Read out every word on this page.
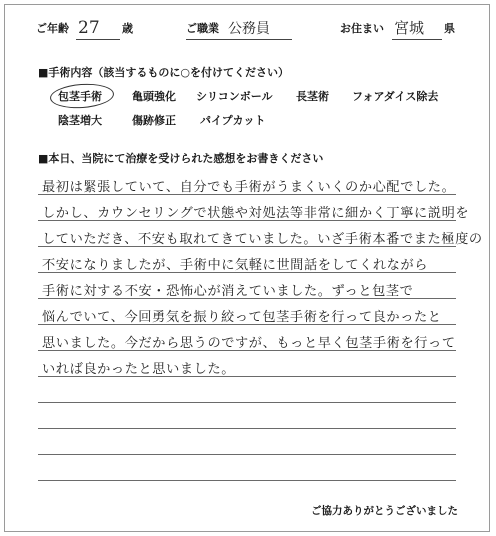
ご年齢 27 歳	ご職業 公務員	お住まい 宮城 県
■手術内容（該当するものに○を付けてください）
包茎手術	亀頭強化 シリコンボール 長茎術 フォアダイス除去
陰茎増大	傷跡修正 パイプカット
■本日、当院にて治療を受けられた感想をお書きください
最初は緊張していて、自分でも手術がうまくいくのか心配でした。
しかし、カウンセリングで状態や対処法等非常に細かく丁寧に説明を
していただき、不安も取れてきていました。いざ手術本番でまた極度の
不安になりましたが、手術中に気軽に世間話をしてくれながら
手術に対する不安・恐怖心が消えていました。ずっと包茎で
悩んでいて、今回勇気を振り絞って包茎手術を行って良かったと
思いました。今だから思うのですが、もっと早く包茎手術を行って
いれば良かったと思いました。
ご協力ありがとうございました
